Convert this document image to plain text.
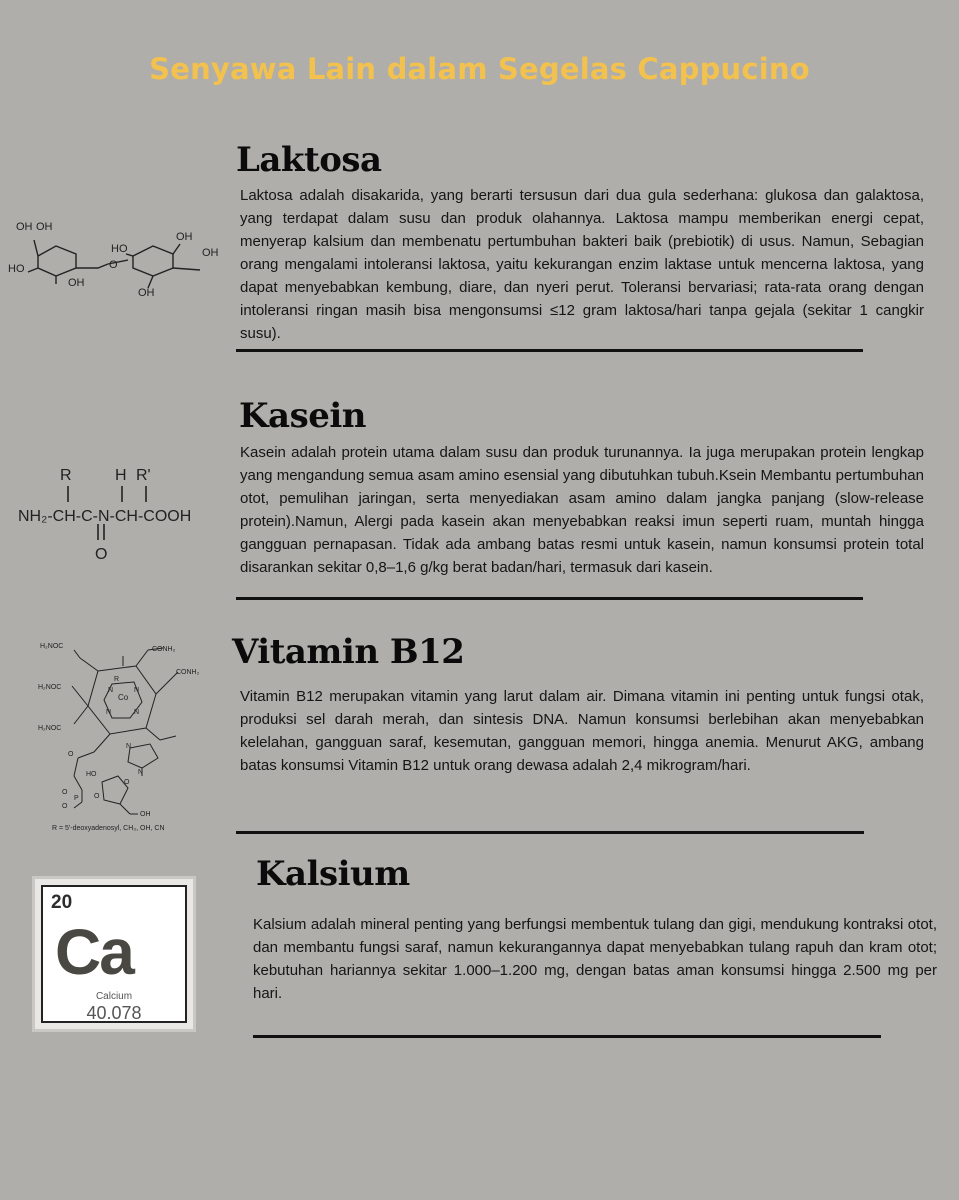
Senyawa Lain dalam Segelas Cappucino
OH OH
HO
OH
O
HO
OH
OH
OH
Laktosa

Laktosa adalah disakarida, yang berarti tersusun dari dua gula sederhana: glukosa dan galaktosa, yang terdapat dalam susu dan produk olahannya. Laktosa mampu memberikan energi cepat, menyerap kalsium dan membenatu pertumbuhan bakteri baik (prebiotik) di usus. Namun, Sebagian orang mengalami intoleransi laktosa, yaitu kekurangan enzim laktase untuk mencerna laktosa, yang dapat menyebabkan kembung, diare, dan nyeri perut. Toleransi bervariasi; rata-rata orang dengan intoleransi ringan masih bisa mengonsumsi ≤12 gram laktosa/hari tanpa gejala (sekitar 1 cangkir susu).

R	H R'
NH₂-CH-C-N-CH-COOH
O
Kasein

Kasein adalah protein utama dalam susu dan produk turunannya. Ia juga merupakan protein lengkap yang mengandung semua asam amino esensial yang dibutuhkan tubuh.Ksein Membantu pertumbuhan otot, pemulihan jaringan, serta menyediakan asam amino dalam jangka panjang (slow-release protein).Namun, Alergi pada kasein akan menyebabkan reaksi imun seperti ruam, muntah hingga gangguan pernapasan. Tidak ada ambang batas resmi untuk kasein, namun konsumsi protein total disarankan sekitar 0,8–1,6 g/kg berat badan/hari, termasuk dari kasein.

H₂NOC	CONH₂
CONH₂
H₂NOC
H₂NOC
R
Co
N	N
N	N
O
N
N
HO
O
P
O
O
O
OH
R = 5'-deoxyadenosyl, CH₃, OH, CN
Vitamin B12

Vitamin B12 merupakan vitamin yang larut dalam air. Dimana vitamin ini penting untuk fungsi otak, produksi sel darah merah, dan sintesis DNA. Namun konsumsi berlebihan akan menyebabkan kelelahan, gangguan saraf, kesemutan, gangguan memori, hingga anemia. Menurut AKG, ambang batas konsumsi Vitamin B12 untuk orang dewasa adalah 2,4 mikrogram/hari.

20
Ca
Calcium
40.078
Kalsium

Kalsium adalah mineral penting yang berfungsi membentuk tulang dan gigi, mendukung kontraksi otot, dan membantu fungsi saraf, namun kekurangannya dapat menyebabkan tulang rapuh dan kram otot; kebutuhan hariannya sekitar 1.000–1.200 mg, dengan batas aman konsumsi hingga 2.500 mg per hari.
